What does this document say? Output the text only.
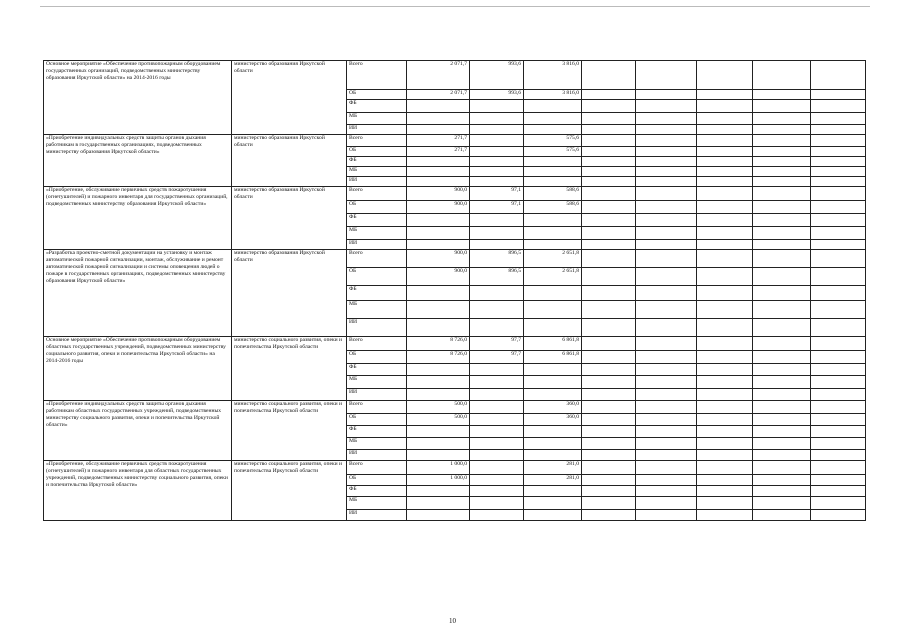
Основное мероприятие «Обеспечение противопожарным оборудованием государственных организаций, подведомственных министерству образования Иркутской области» на 2014-2016 годы	министерство образования Иркутской области	Всего	2 071,7	993,6	3 816,0					
		ОБ	2 071,7	993,6	3 816,0					
		ФБ								
		МБ								
		ИИ								
«Приобретение индивидуальных средств защиты органов дыхания работникам в государственных организациях, подведомственных министерству образования Иркутской области»	министерство образования Иркутской области	Всего	271,7		575,6					
		ОБ	271,7		575,6					
		ФБ								
		МБ								
		ИИ								
«Приобретение, обслуживание первичных средств пожаротушения (огнетушителей) и пожарного инвентаря для государственных организаций, подведомственных министерству образования Иркутской области»	министерство образования Иркутской области	Всего	900,0	97,1	588,6					
		ОБ	900,0	97,1	588,6					
		ФБ								
		МБ								
		ИИ								
«Разработка проектно-сметной документации на установку и монтаж автоматической пожарной сигнализации, монтаж, обслуживание и ремонт автоматической пожарной сигнализации и системы оповещения людей о пожаре в государственных организациях, подведомственных министерству образования Иркутской области»	министерство образования Иркутской области	Всего	900,0	896,5	2 651,8					
		ОБ	900,0	896,5	2 651,8					
		ФБ								
		МБ								
		ИИ								
Основное мероприятие «Обеспечение противопожарным оборудованием областных государственных учреждений, подведомственных министерству социального развития, опеки и попечительства Иркутской области» на 2014-2016 годы	министерство социального развития, опеки и попечительства Иркутской области	Всего	8 726,0	97,7	6 861,8					
		ОБ	8 726,0	97,7	6 861,8					
		ФБ								
		МБ								
		ИИ								
«Приобретение индивидуальных средств защиты органов дыхания работникам областных государственных учреждений, подведомственных министерству социального развития, опеки и попечительства Иркутской области»	министерство социального развития, опеки и попечительства Иркутской области	Всего	500,0		360,0					
		ОБ	500,0		360,0					
		ФБ								
		МБ								
		ИИ								
«Приобретение, обслуживание первичных средств пожаротушения (огнетушителей) и пожарного инвентаря для областных государственных учреждений, подведомственных министерству социального развития, опеки и попечительства Иркутской области»	министерство социального развития, опеки и попечительства Иркутской области	Всего	1 000,0		281,0					
		ОБ	1 000,0		281,0					
		ФБ								
		МБ								
		ИИ								
10
